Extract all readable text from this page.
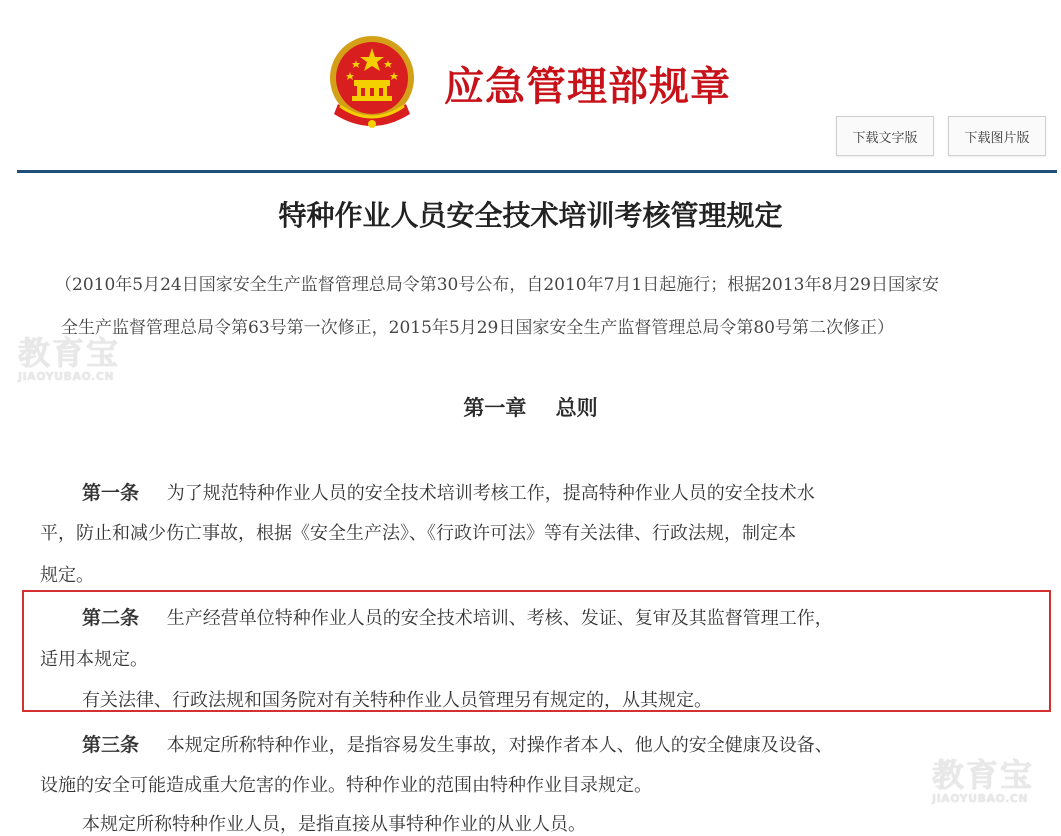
应急管理部规章
下载文字版	下载图片版
特种作业人员安全技术培训考核管理规定
（2010年5月24日国家安全生产监督管理总局令第30号公布，自2010年7月1日起施行；根据2013年8月29日国家安
全生产监督管理总局令第63号第一次修正，2015年5月29日国家安全生产监督管理总局令第80号第二次修正）
第一章    总则
第一条 为了规范特种作业人员的安全技术培训考核工作，提高特种作业人员的安全技术水
平，防止和减少伤亡事故，根据《安全生产法》、《行政许可法》等有关法律、行政法规，制定本
规定。
第二条 生产经营单位特种作业人员的安全技术培训、考核、发证、复审及其监督管理工作，
适用本规定。
有关法律、行政法规和国务院对有关特种作业人员管理另有规定的，从其规定。
第三条 本规定所称特种作业，是指容易发生事故，对操作者本人、他人的安全健康及设备、
设施的安全可能造成重大危害的作业。特种作业的范围由特种作业目录规定。
本规定所称特种作业人员，是指直接从事特种作业的从业人员。
教育宝
JIAOYUBAO.CN
教育宝
JIAOYUBAO.CN
